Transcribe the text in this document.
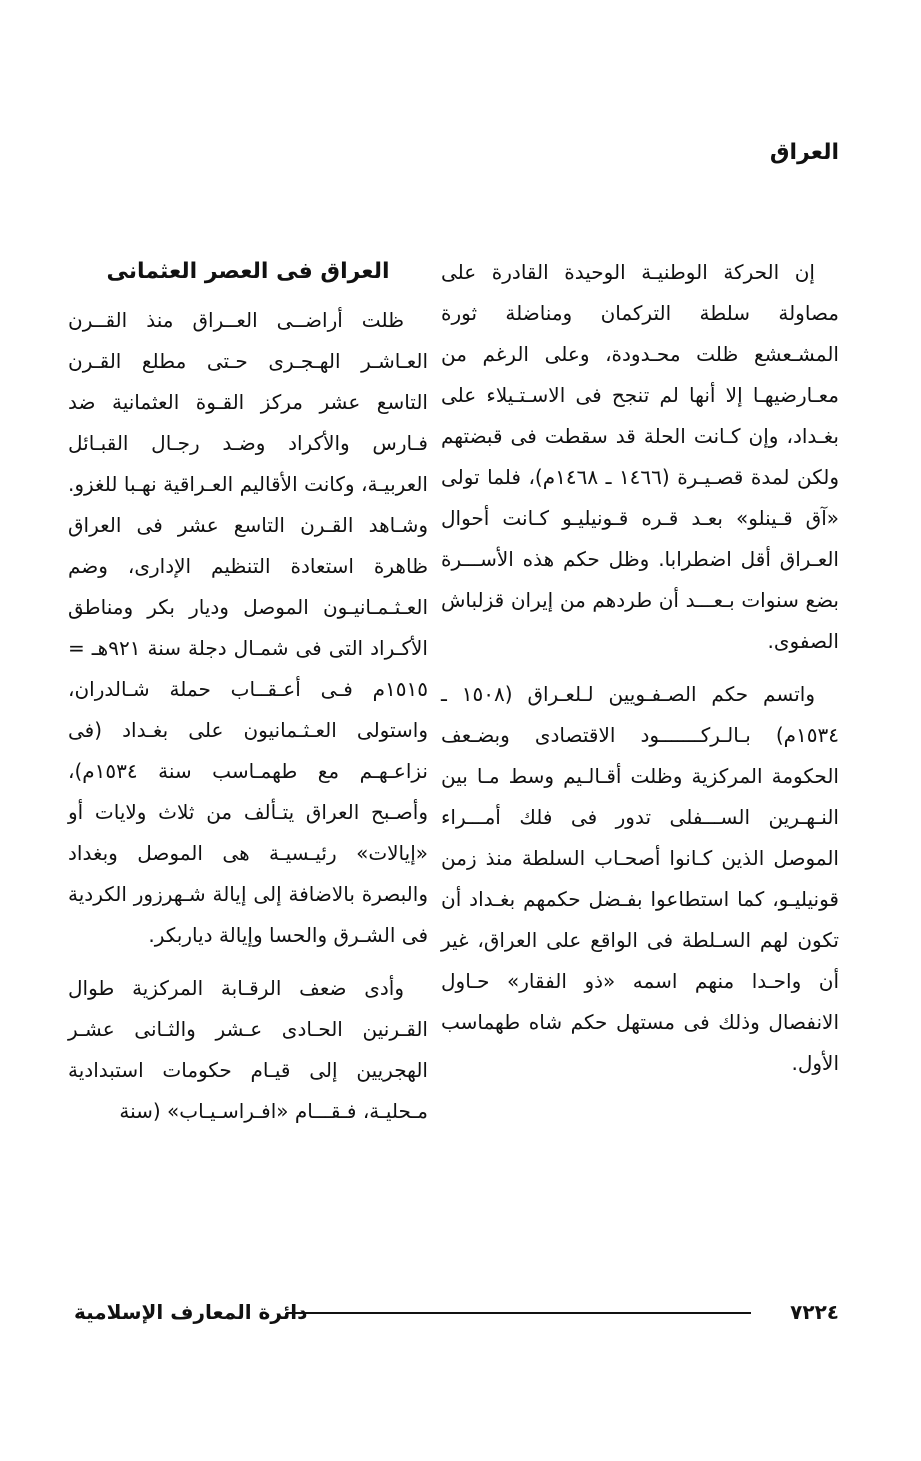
العراق

إن الحركة الوطنيـة الوحيدة القادرة على مصاولة سلطة التركمان ومناضلة ثورة المشـعشع ظلت محـدودة، وعلى الرغم من معـارضيهـا إلا أنها لم تنجح فى الاسـتـيلاء على بغـداد، وإن كـانت الحلة قد سقطت فى قبضتهم ولكن لمدة قصـيـرة (١٤٦٦ ـ ١٤٦٨م)، فلما تولى «آق قـينلو» بعـد قـره قـونيليـو كـانت أحوال العـراق أقل اضطرابا. وظل حكم هذه الأســـرة بضع سنوات بـعـــد أن طردهم من إيران قزلباش الصفوى.

واتسم حكم الصـفـويين لـلعـراق (١٥٠٨ ـ ١٥٣٤م) بـالـركـــــــود الاقتصادى وبضـعف الحكومة المركزية وظلت أقـالـيم وسط مـا بين النـهـرين الســـفلى تدور فى فلك أمـــراء الموصل الذين كـانوا أصحـاب السلطة منذ زمن قونيليـو، كما استطاعوا بفـضل حكمهم بغـداد أن تكون لهم السـلطة فى الواقع على العراق، غير أن واحـدا منهم اسمه «ذو الفقار» حـاول الانفصال وذلك فى مستهل حكم شاه طهماسب الأول.

العراق فى العصر العثمانى

ظلت أراضــى العــراق منذ القــرن العـاشـر الهـجـرى حـتى مطلع القـرن التاسع عشر مركز القـوة العثمانية ضد فـارس والأكراد وضـد رجـال القبـائل العربيـة، وكانت الأقاليم العـراقية نهـبا للغزو. وشـاهد القـرن التاسع عشر فى العراق ظاهرة استعادة التنظيم الإدارى، وضم العـثـمـانيـون الموصل وديار بكر ومناطق الأكـراد التى فى شمـال دجلة سنة ٩٢١هـ = ١٥١٥م فـى أعـقــاب حملة شـالدران، واستولى العـثـمانيون على بغـداد (فى نزاعـهـم مع طهمـاسب سنة ١٥٣٤م)، وأصـبح العراق يتـألف من ثلاث ولايات أو «إيالات» رئيـسيـة هى الموصل وبغداد والبصرة بالاضافة إلى إيالة شـهرزور الكردية فى الشـرق والحسا وإيالة دياربكر.

وأدى ضعف الرقـابة المركزية طوال القـرنين الحـادى عـشر والثـانى عشـر الهجريين إلى قيـام حكومات استبدادية مـحليـة، فـقـــام «افـراسـيـاب» (سنة

دائرة المعارف الإسلامية	٧٢٢٤
